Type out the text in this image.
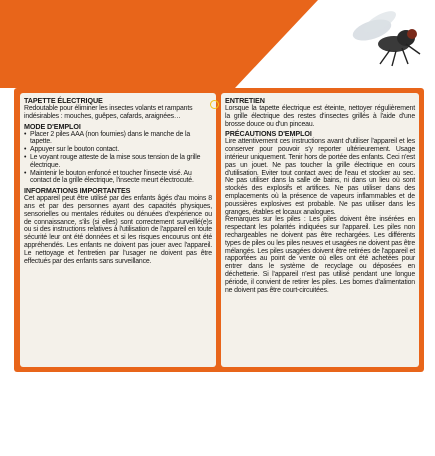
TAPETTE ÉLECTRIQUE
Redoutable pour éliminer les insectes volants et rampants indésirables : mouches, guêpes, cafards, araignées…
MODE D'EMPLOI
• Placer 2 piles AAA (non fournies) dans le manche de la tapette.
• Appuyer sur le bouton contact.
• Le voyant rouge atteste de la mise sous tension de la grille électrique.
• Maintenir le bouton enfoncé et toucher l'insecte visé. Au contact de la grille électrique, l'insecte meurt électrocuté.
INFORMATIONS IMPORTANTES
Cet appareil peut être utilisé par des enfants âgés d'au moins 8 ans et par des personnes ayant des capacités physiques, sensorielles ou mentales réduites ou dénuées d'expérience ou de connaissance, s'ils (si elles) sont correctement surveillé(e)s ou si des instructions relatives à l'utilisation de l'appareil en toute sécurité leur ont été données et si les risques encourus ont été appréhendés. Les enfants ne doivent pas jouer avec l'appareil. Le nettoyage et l'entretien par l'usager ne doivent pas être effectués par des enfants sans surveillance.
ENTRETIEN
Lorsque la tapette électrique est éteinte, nettoyer régulièrement la grille électrique des restes d'insectes grillés à l'aide d'une brosse douce ou d'un pinceau.
PRÉCAUTIONS D'EMPLOI
Lire attentivement ces instructions avant d'utiliser l'appareil et les conserver pour pouvoir s'y reporter ultérieurement. Usage intérieur uniquement. Tenir hors de portée des enfants. Ceci n'est pas un jouet. Ne pas toucher la grille électrique en cours d'utilisation. Eviter tout contact avec de l'eau et stocker au sec. Ne pas utiliser dans la salle de bains, ni dans un lieu où sont stockés des explosifs et artifices. Ne pas utiliser dans des emplacements où la présence de vapeurs inflammables et de poussières explosives est probable. Ne pas utiliser dans les granges, étables et locaux analogues.
Remarques sur les piles : Les piles doivent être insérées en respectant les polarités indiquées sur l'appareil. Les piles non rechargeables ne doivent pas être rechargées. Les différents types de piles ou les piles neuves et usagées ne doivent pas être mélangés. Les piles usagées doivent être retirées de l'appareil et rapportées au point de vente où elles ont été achetées pour entrer dans le système de recyclage ou déposées en déchetterie. Si l'appareil n'est pas utilisé pendant une longue période, il convient de retirer les piles. Les bornes d'alimentation ne doivent pas être court-circuitées.
